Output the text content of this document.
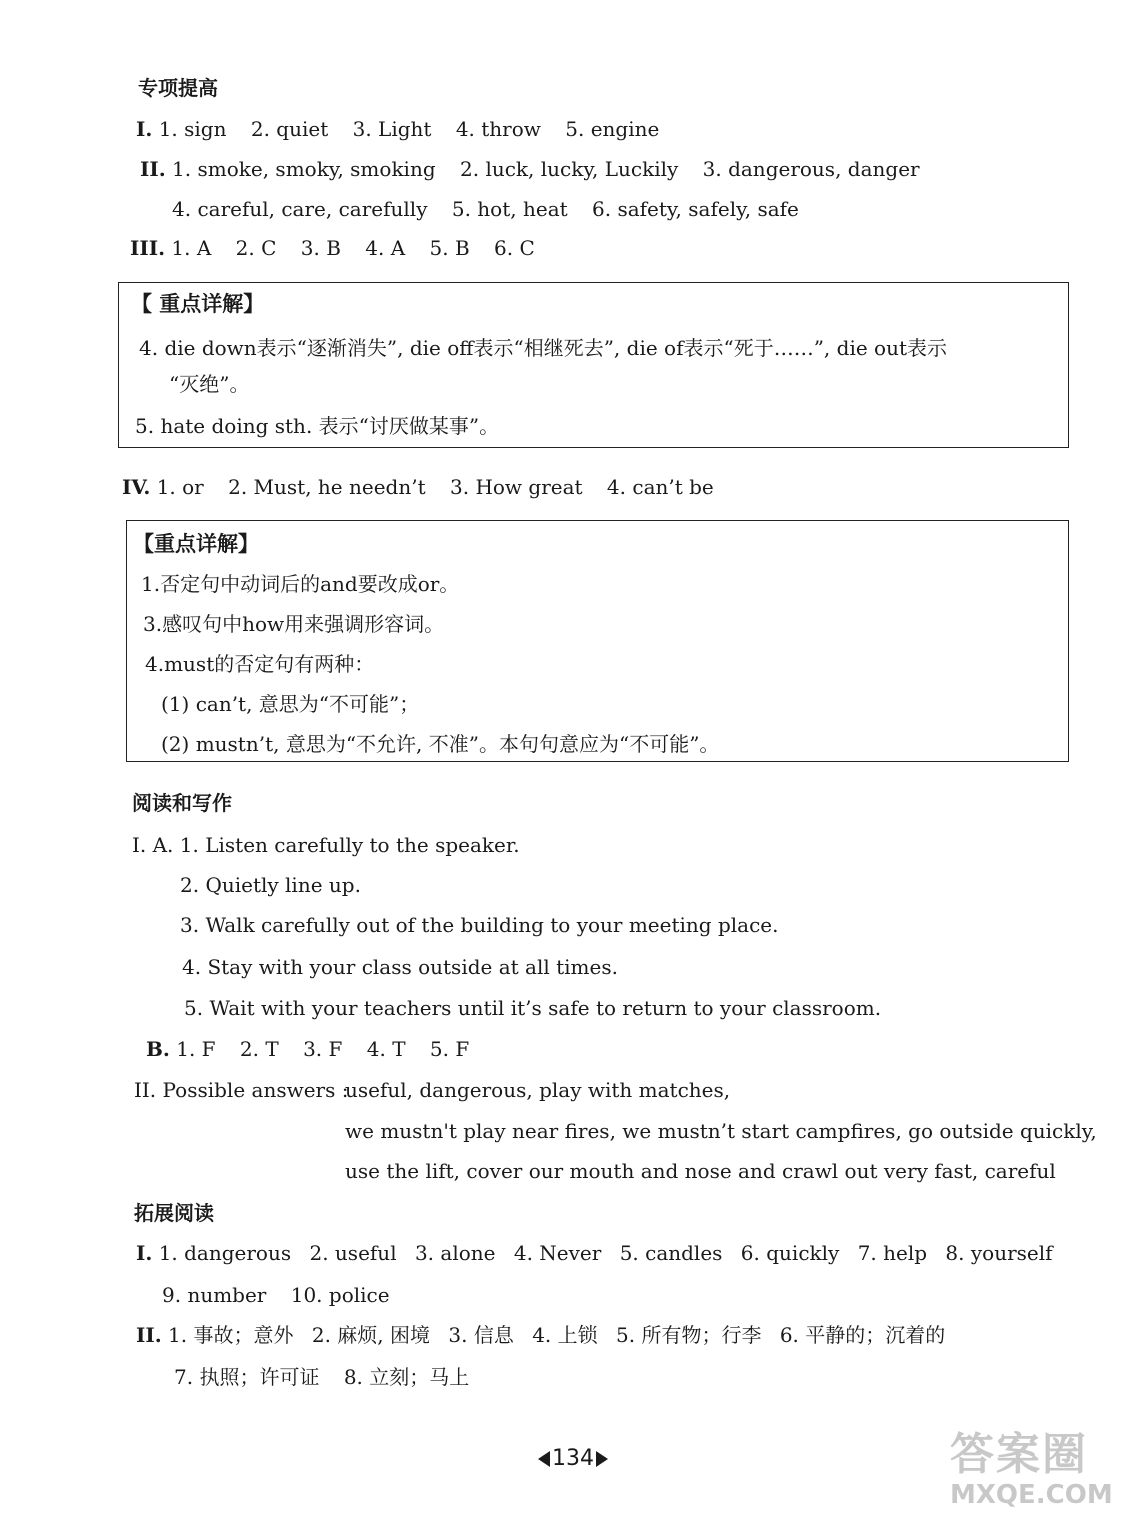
专项提高
I. 1. sign 2. quiet 3. Light 4. throw 5. engine
II. 1. smoke, smoky, smoking 2. luck, lucky, Luckily 3. dangerous, danger
4. careful, care, carefully 5. hot, heat 6. safety, safely, safe
III. 1. A 2. C 3. B 4. A 5. B 6. C
【 重点详解】
4. die down表示“逐渐消失”, die off表示“相继死去”, die of表示“死于……”, die out表示
“灭绝”。
5. hate doing sth. 表示“讨厌做某事”。
IV. 1. or 2. Must, he needn’t 3. How great 4. can’t be
【重点详解】
1.否定句中动词后的and要改成or。
3.感叹句中how用来强调形容词。
4.must的否定句有两种：
(1) can’t, 意思为“不可能”；
(2) mustn’t, 意思为“不允许, 不准”。本句句意应为“不可能”。
阅读和写作
I. A. 1. Listen carefully to the speaker.
2. Quietly line up.
3. Walk carefully out of the building to your meeting place.
4. Stay with your class outside at all times.
5. Wait with your teachers until it’s safe to return to your classroom.
B. 1. F 2. T 3. F 4. T 5. F
II. Possible answers :
useful, dangerous, play with matches,
we mustn't play near fires, we mustn’t start campfires, go outside quickly,
use the lift, cover our mouth and nose and crawl out very fast, careful
拓展阅读
I. 1. dangerous 2. useful 3. alone 4. Never 5. candles 6. quickly 7. help 8. yourself
9. number 10. police
II. 1. 事故；意外 2. 麻烦, 困境 3. 信息 4. 上锁 5. 所有物；行李 6. 平静的；沉着的
7. 执照；许可证 8. 立刻；马上
134	答案圈
MXQE.COM
